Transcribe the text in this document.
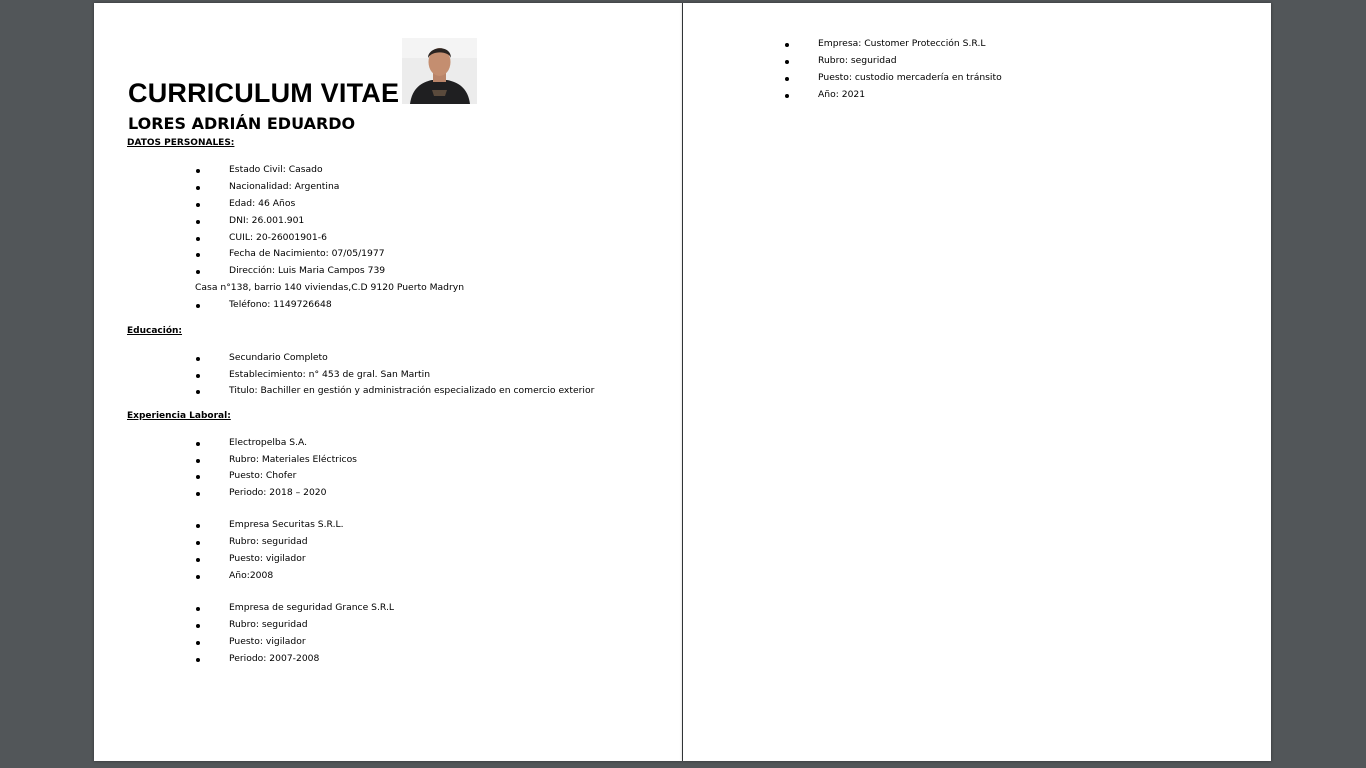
CURRICULUM VITAE
LORES ADRIÁN EDUARDO
DATOS PERSONALES:
Estado Civil: Casado
Nacionalidad: Argentina
Edad: 46 Años
DNI: 26.001.901
CUIL: 20-26001901-6
Fecha de Nacimiento: 07/05/1977
Dirección: Luis Maria Campos 739
Casa n°138, barrio 140 viviendas,C.D 9120 Puerto Madryn
Teléfono: 1149726648
Educación:
Secundario Completo
Establecimiento: n° 453 de gral. San Martin
Titulo: Bachiller en gestión y administración especializado en comercio exterior
Experiencia Laboral:
Electropelba S.A.
Rubro: Materiales Eléctricos
Puesto: Chofer
Periodo: 2018 – 2020
Empresa Securitas S.R.L.
Rubro: seguridad
Puesto: vigilador
Año:2008
Empresa de seguridad Grance S.R.L
Rubro: seguridad
Puesto: vigilador
Periodo: 2007-2008
Empresa: Customer Protección S.R.L
Rubro: seguridad
Puesto: custodio mercadería en tránsito
Año: 2021
